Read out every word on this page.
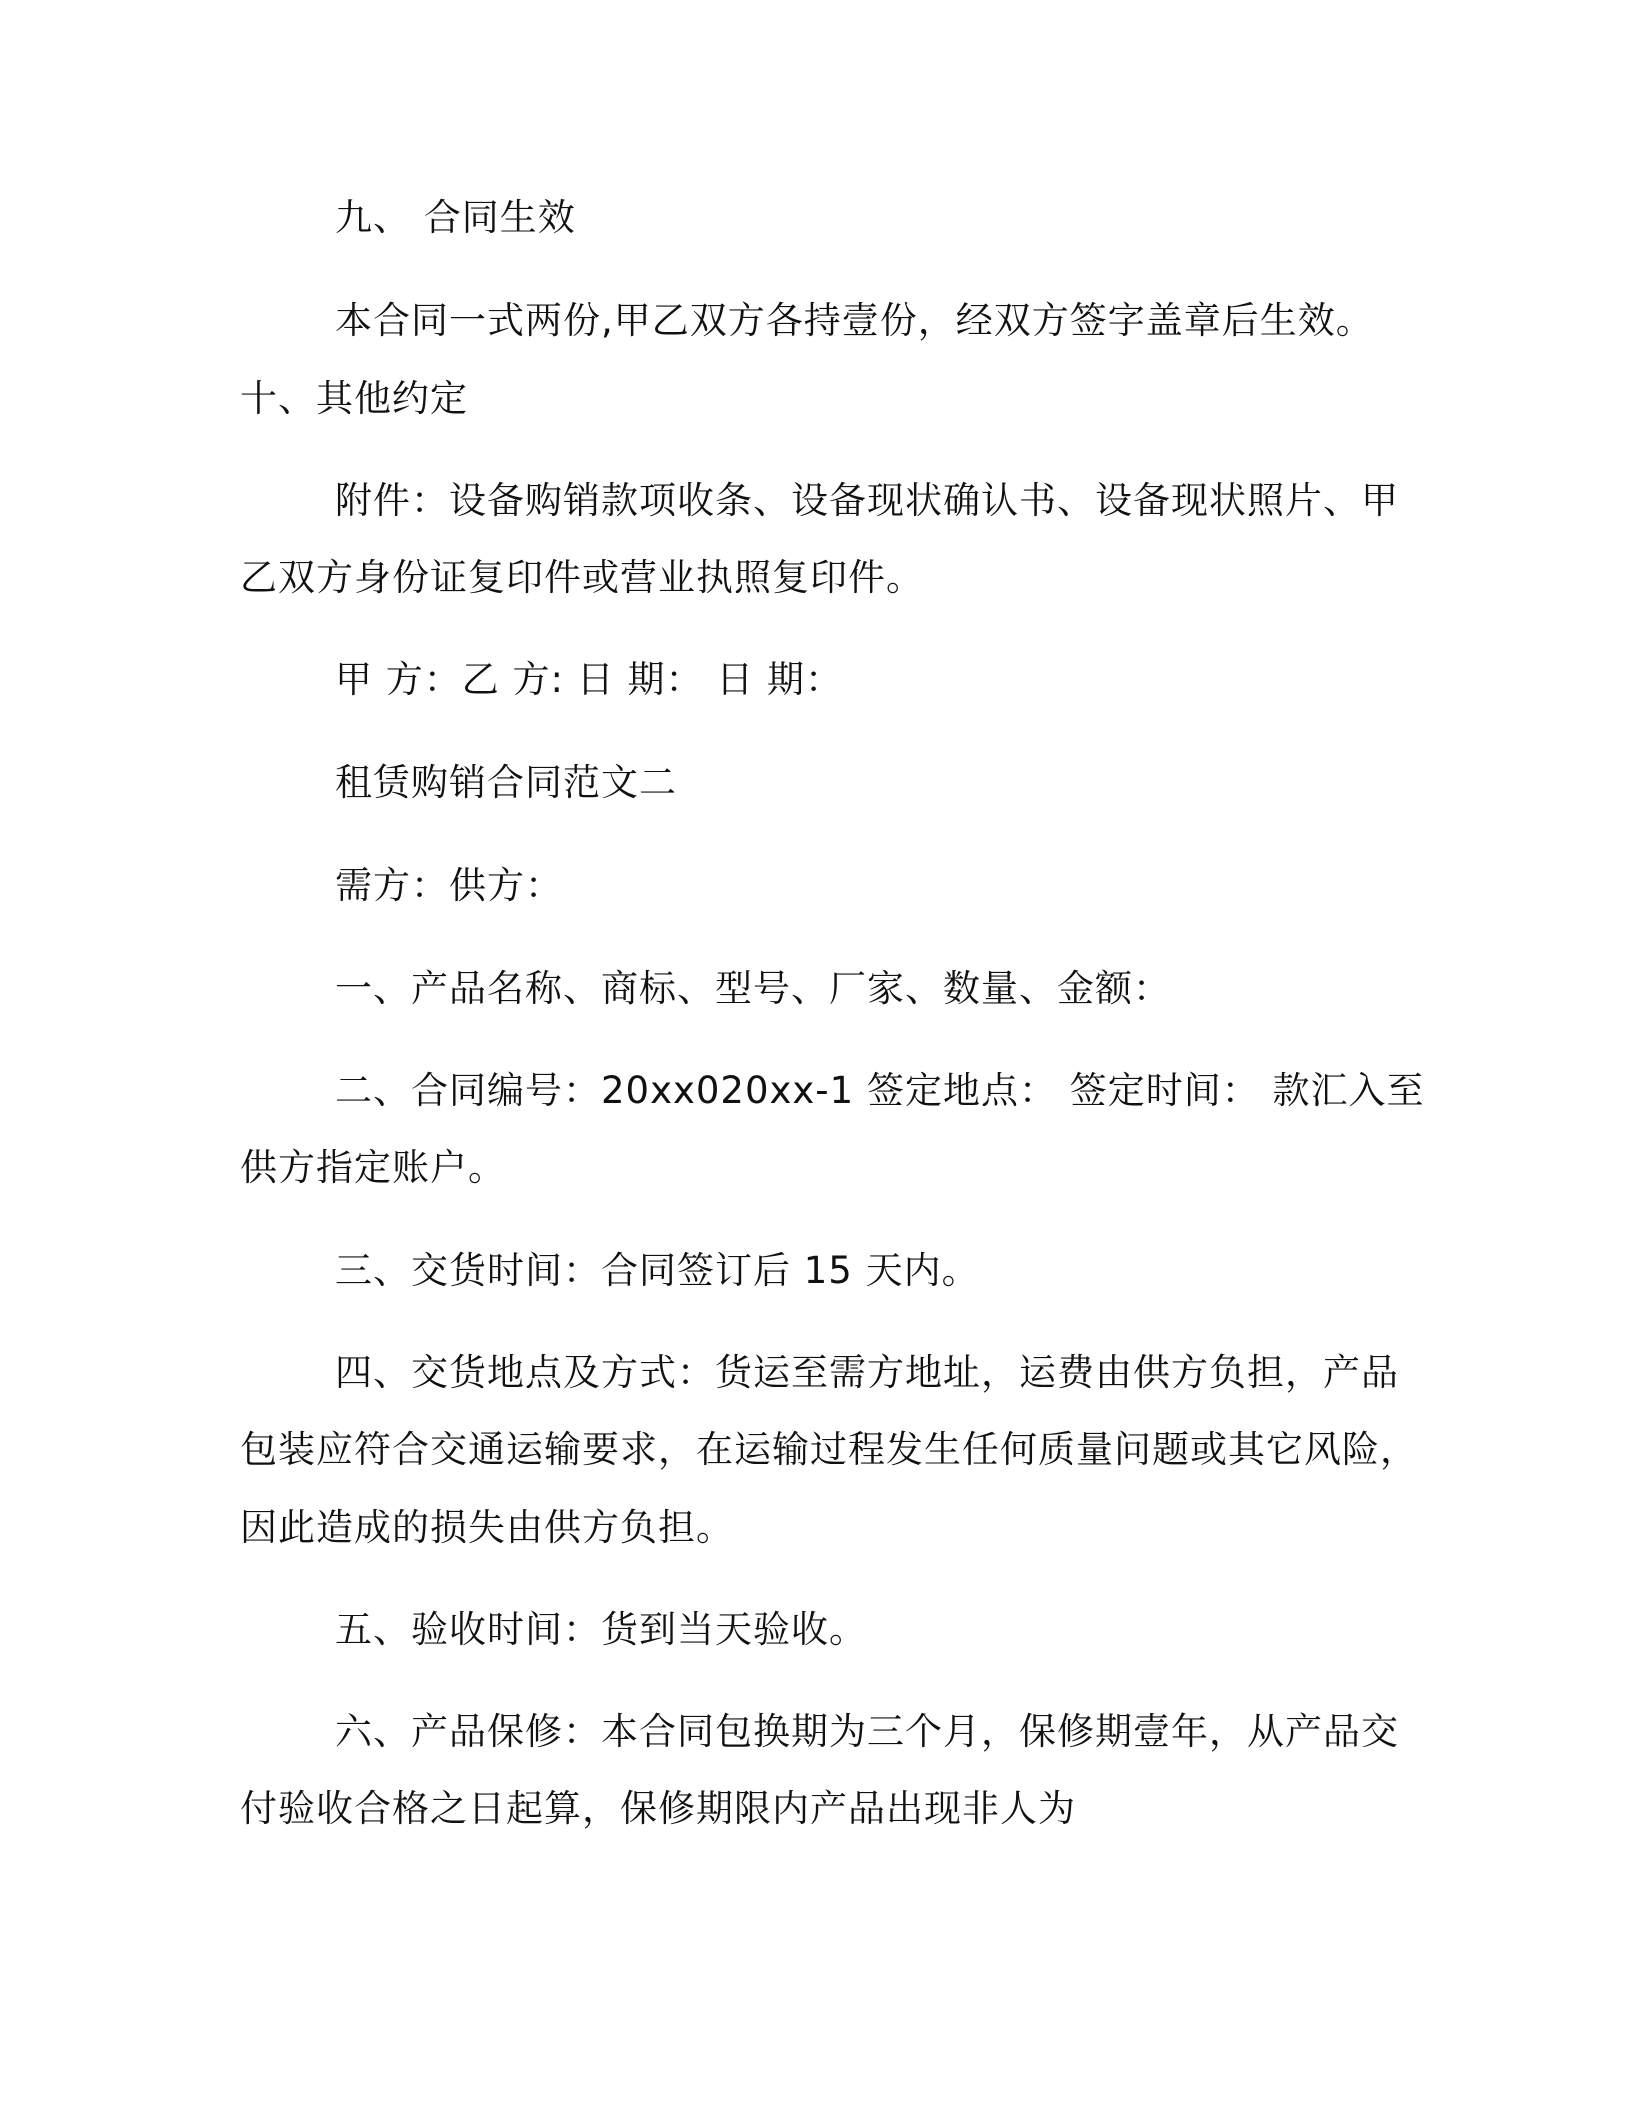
九、 合同生效
本合同一式两份,甲乙双方各持壹份，经双方签字盖章后生效。
十、其他约定
附件：设备购销款项收条、设备现状确认书、设备现状照片、甲
乙双方身份证复印件或营业执照复印件。
甲 方：乙 方: 日 期： 日 期：
租赁购销合同范文二
需方：供方：
一、产品名称、商标、型号、厂家、数量、金额：
二、合同编号：20xx020xx-1 签定地点： 签定时间： 款汇入至
供方指定账户。
三、交货时间：合同签订后 15 天内。
四、交货地点及方式：货运至需方地址，运费由供方负担，产品
包装应符合交通运输要求，在运输过程发生任何质量问题或其它风险，
因此造成的损失由供方负担。
五、验收时间：货到当天验收。
六、产品保修：本合同包换期为三个月，保修期壹年，从产品交
付验收合格之日起算，保修期限内产品出现非人为
